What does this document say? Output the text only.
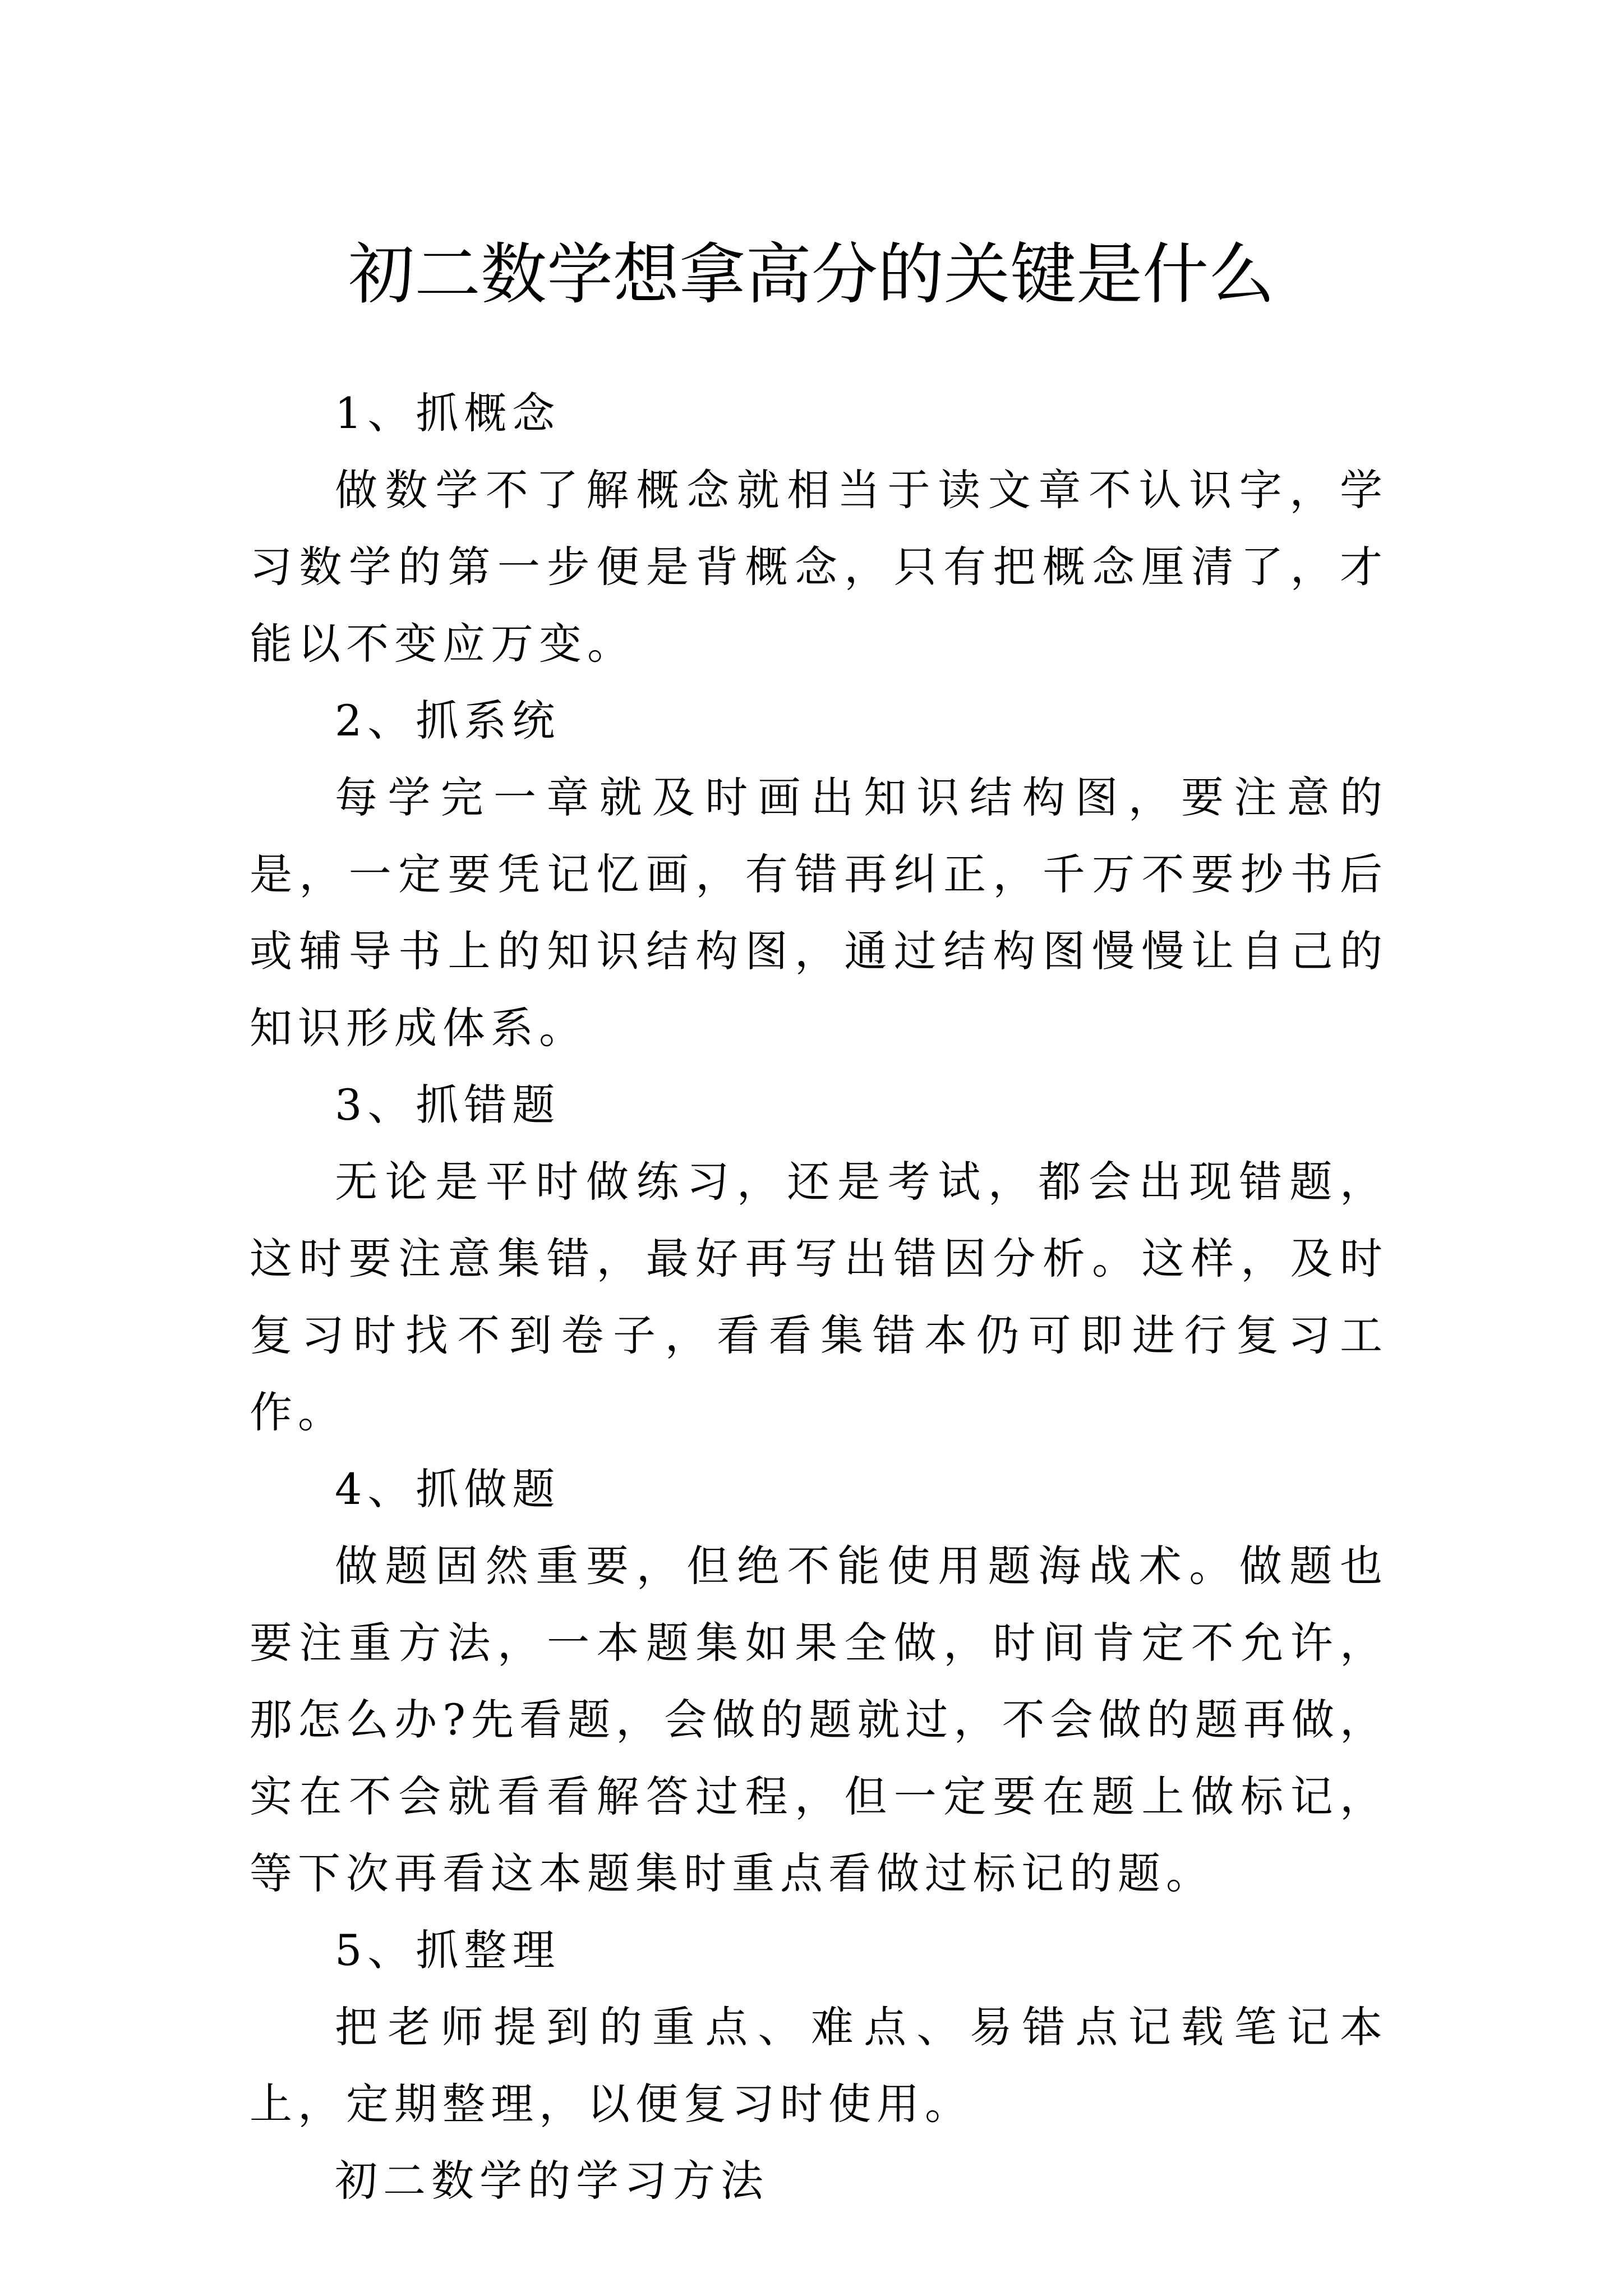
初二数学想拿高分的关键是什么

1、抓概念

做数学不了解概念就相当于读文章不认识字，学习数学的第一步便是背概念，只有把概念厘清了，才能以不变应万变。

2、抓系统

每学完一章就及时画出知识结构图，要注意的是，一定要凭记忆画，有错再纠正，千万不要抄书后或辅导书上的知识结构图，通过结构图慢慢让自己的知识形成体系。

3、抓错题

无论是平时做练习，还是考试，都会出现错题，这时要注意集错，最好再写出错因分析。这样，及时复习时找不到卷子，看看集错本仍可即进行复习工作。

4、抓做题

做题固然重要，但绝不能使用题海战术。做题也要注重方法，一本题集如果全做，时间肯定不允许，那怎么办?先看题，会做的题就过，不会做的题再做，实在不会就看看解答过程，但一定要在题上做标记，等下次再看这本题集时重点看做过标记的题。

5、抓整理

把老师提到的重点、难点、易错点记载笔记本上，定期整理，以便复习时使用。

初二数学的学习方法
